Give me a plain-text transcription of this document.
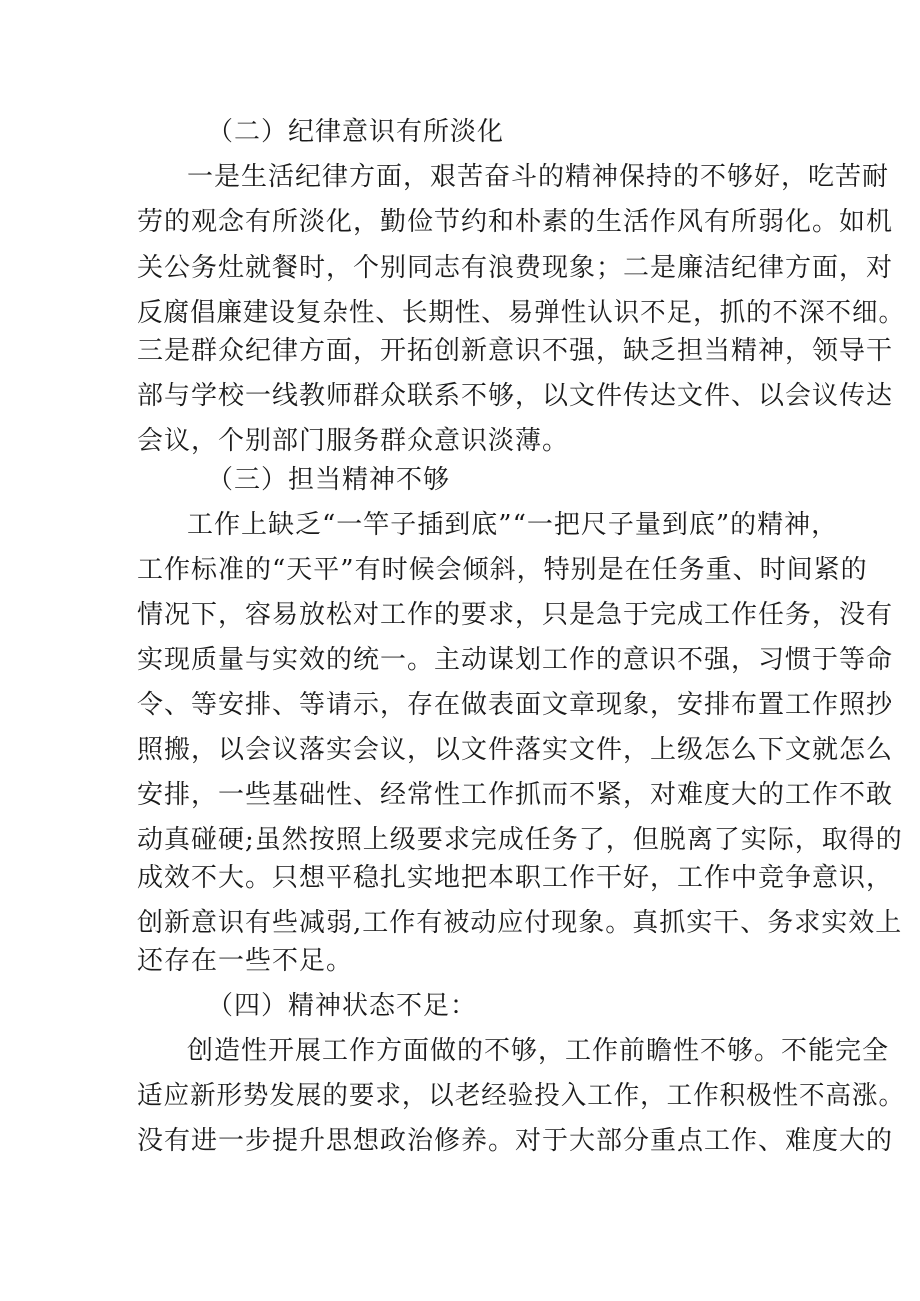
（二）纪律意识有所淡化
一是生活纪律方面，艰苦奋斗的精神保持的不够好，吃苦耐
劳的观念有所淡化，勤俭节约和朴素的生活作风有所弱化。如机
关公务灶就餐时，个别同志有浪费现象；二是廉洁纪律方面，对
反腐倡廉建设复杂性、长期性、易弹性认识不足，抓的不深不细。
三是群众纪律方面，开拓创新意识不强，缺乏担当精神，领导干
部与学校一线教师群众联系不够，以文件传达文件、以会议传达
会议，个别部门服务群众意识淡薄。
（三）担当精神不够
工作上缺乏“一竿子插到底”“一把尺子量到底”的精神，
工作标准的“天平”有时候会倾斜，特别是在任务重、时间紧的
情况下，容易放松对工作的要求，只是急于完成工作任务，没有
实现质量与实效的统一。主动谋划工作的意识不强，习惯于等命
令、等安排、等请示，存在做表面文章现象，安排布置工作照抄
照搬，以会议落实会议，以文件落实文件，上级怎么下文就怎么
安排，一些基础性、经常性工作抓而不紧，对难度大的工作不敢
动真碰硬;虽然按照上级要求完成任务了，但脱离了实际，取得的
成效不大。只想平稳扎实地把本职工作干好，工作中竞争意识，
创新意识有些减弱,工作有被动应付现象。真抓实干、务求实效上
还存在一些不足。
（四）精神状态不足：
创造性开展工作方面做的不够，工作前瞻性不够。不能完全
适应新形势发展的要求，以老经验投入工作，工作积极性不高涨。
没有进一步提升思想政治修养。对于大部分重点工作、难度大的
